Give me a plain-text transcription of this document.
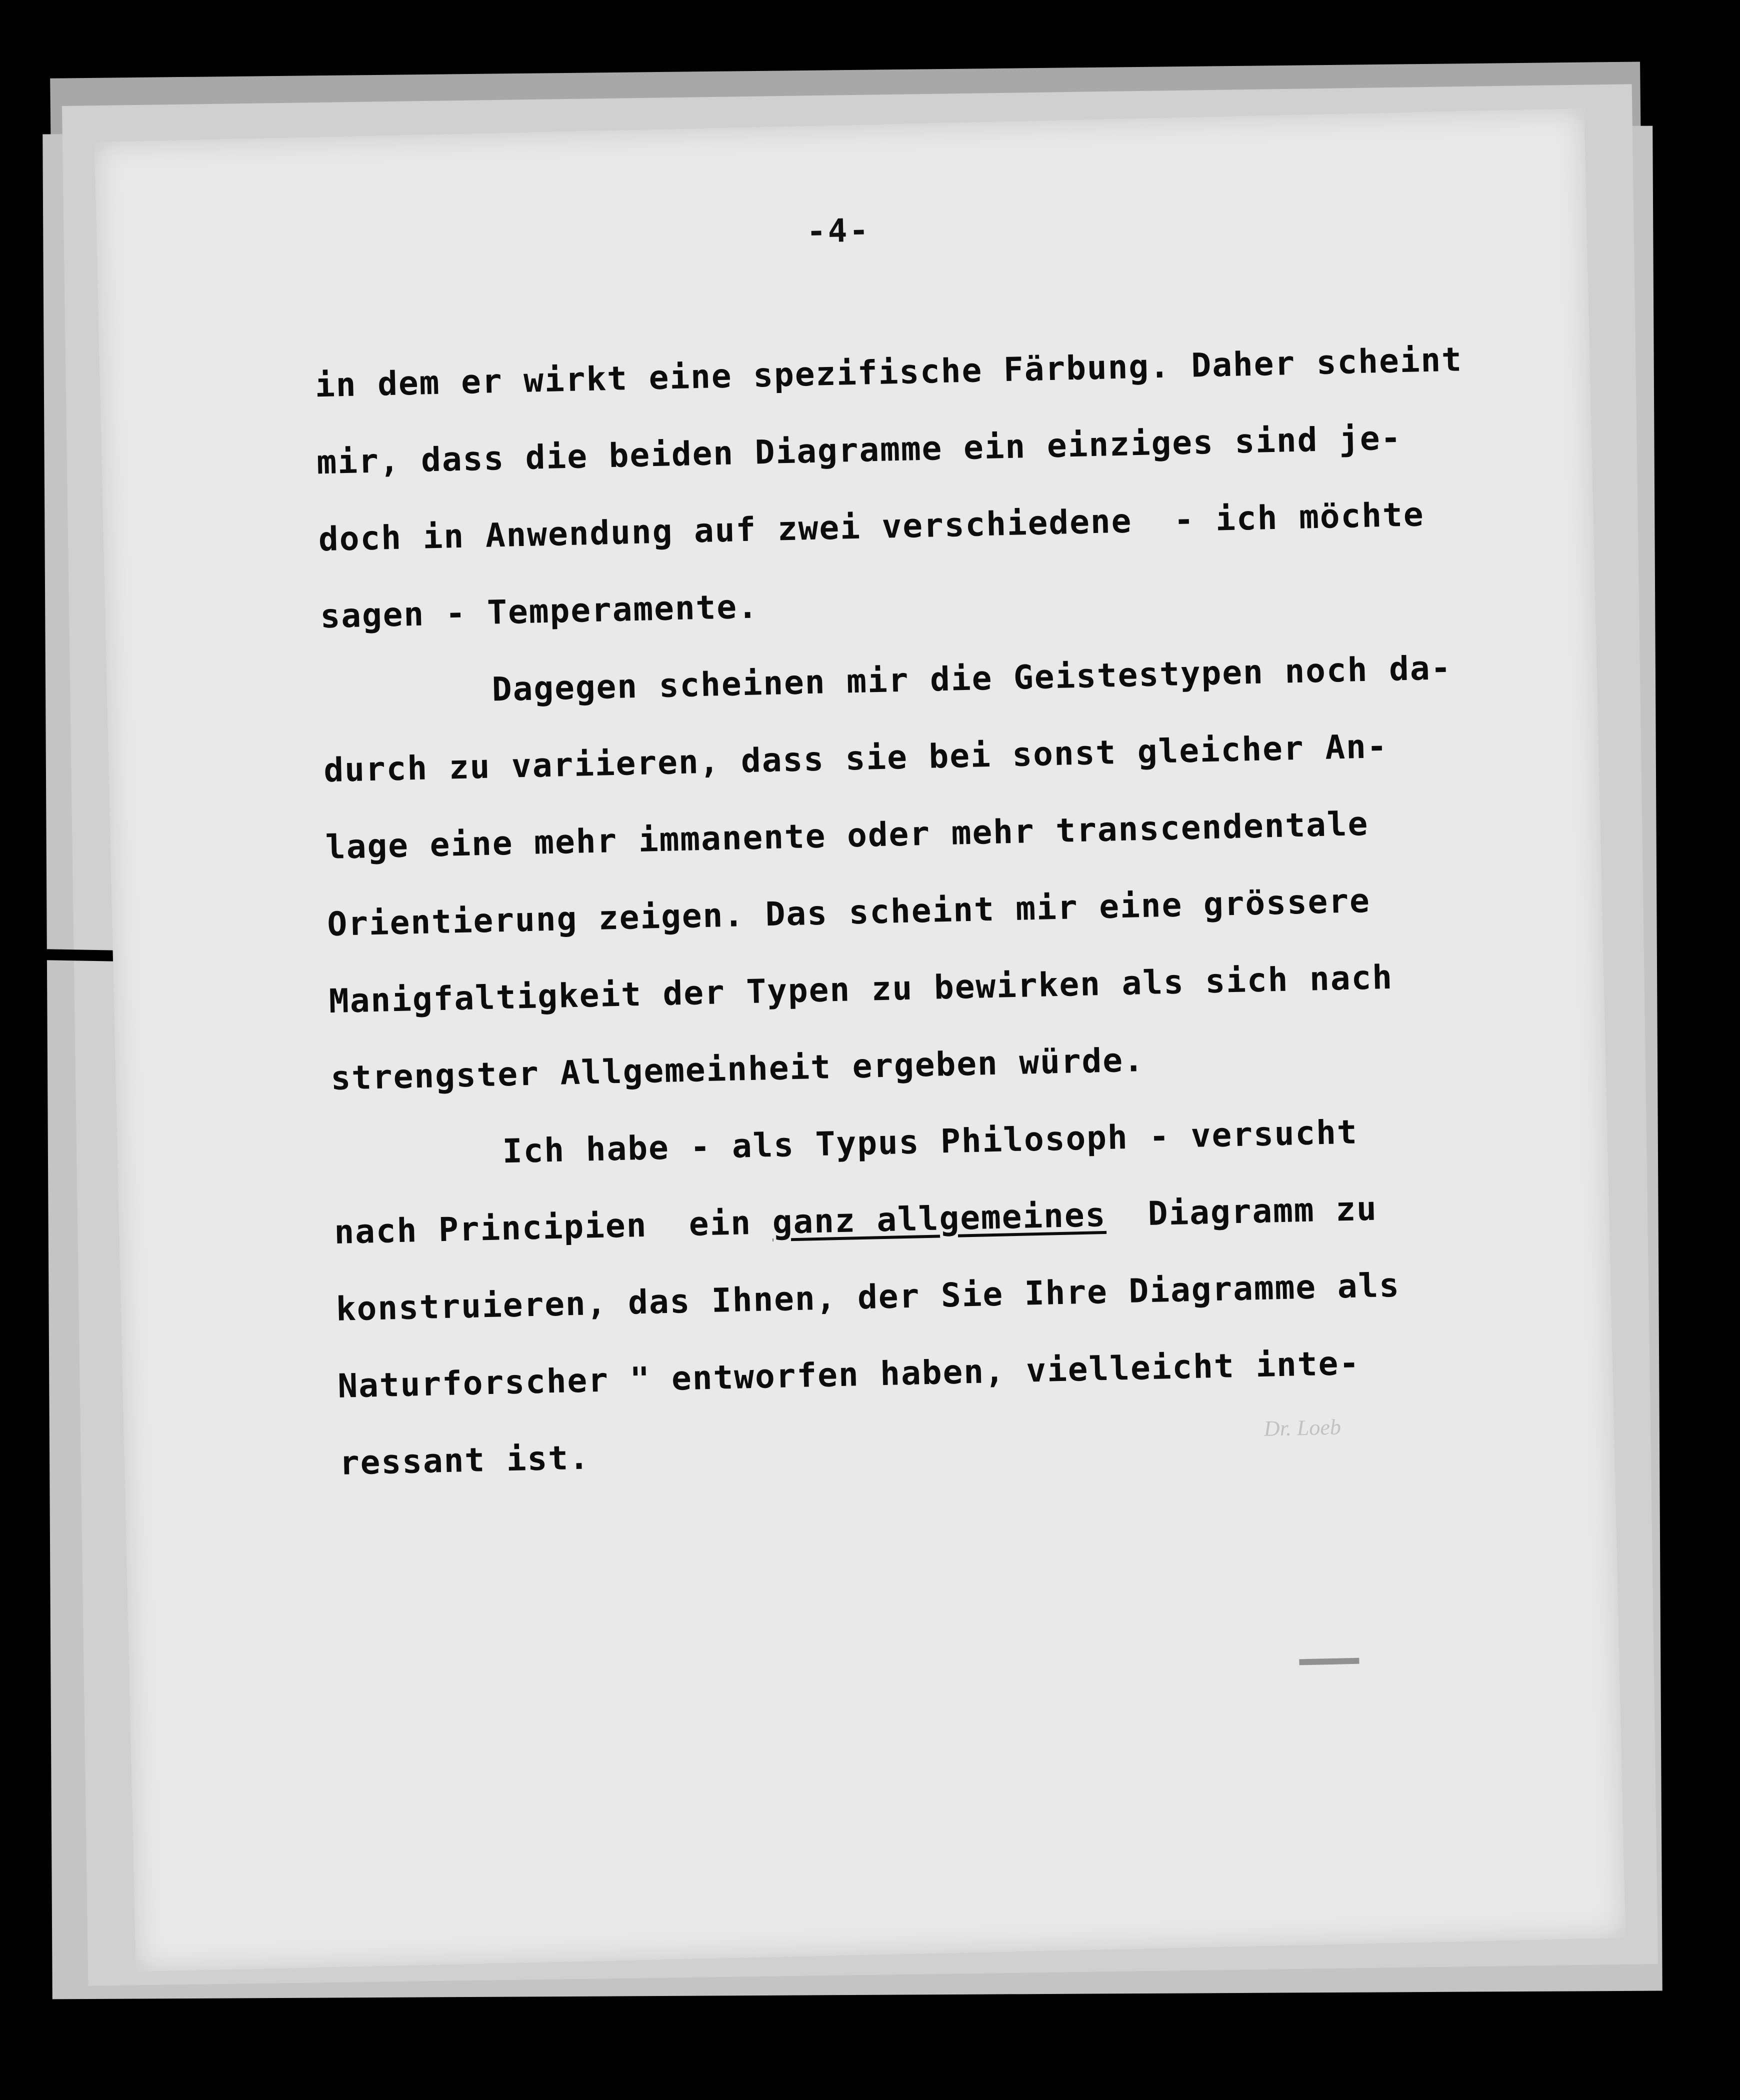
Dr. Loeb
-4-
in dem er wirkt eine spezifische Färbung. Daher scheint
mir, dass die beiden Diagramme ein einziges sind je-
doch in Anwendung auf zwei verschiedene  - ich möchte
sagen - Temperamente.
Dagegen scheinen mir die Geistestypen noch da-
durch zu variieren, dass sie bei sonst gleicher An-
lage eine mehr immanente oder mehr transcendentale
Orientierung zeigen. Das scheint mir eine grössere
Manigfaltigkeit der Typen zu bewirken als sich nach
strengster Allgemeinheit ergeben würde.
Ich habe - als Typus Philosoph - versucht
nach Principien  ein ganz allgemeines  Diagramm zu
konstruieren, das Ihnen, der Sie Ihre Diagramme als
Naturforscher " entworfen haben, vielleicht inte-
ressant ist.
